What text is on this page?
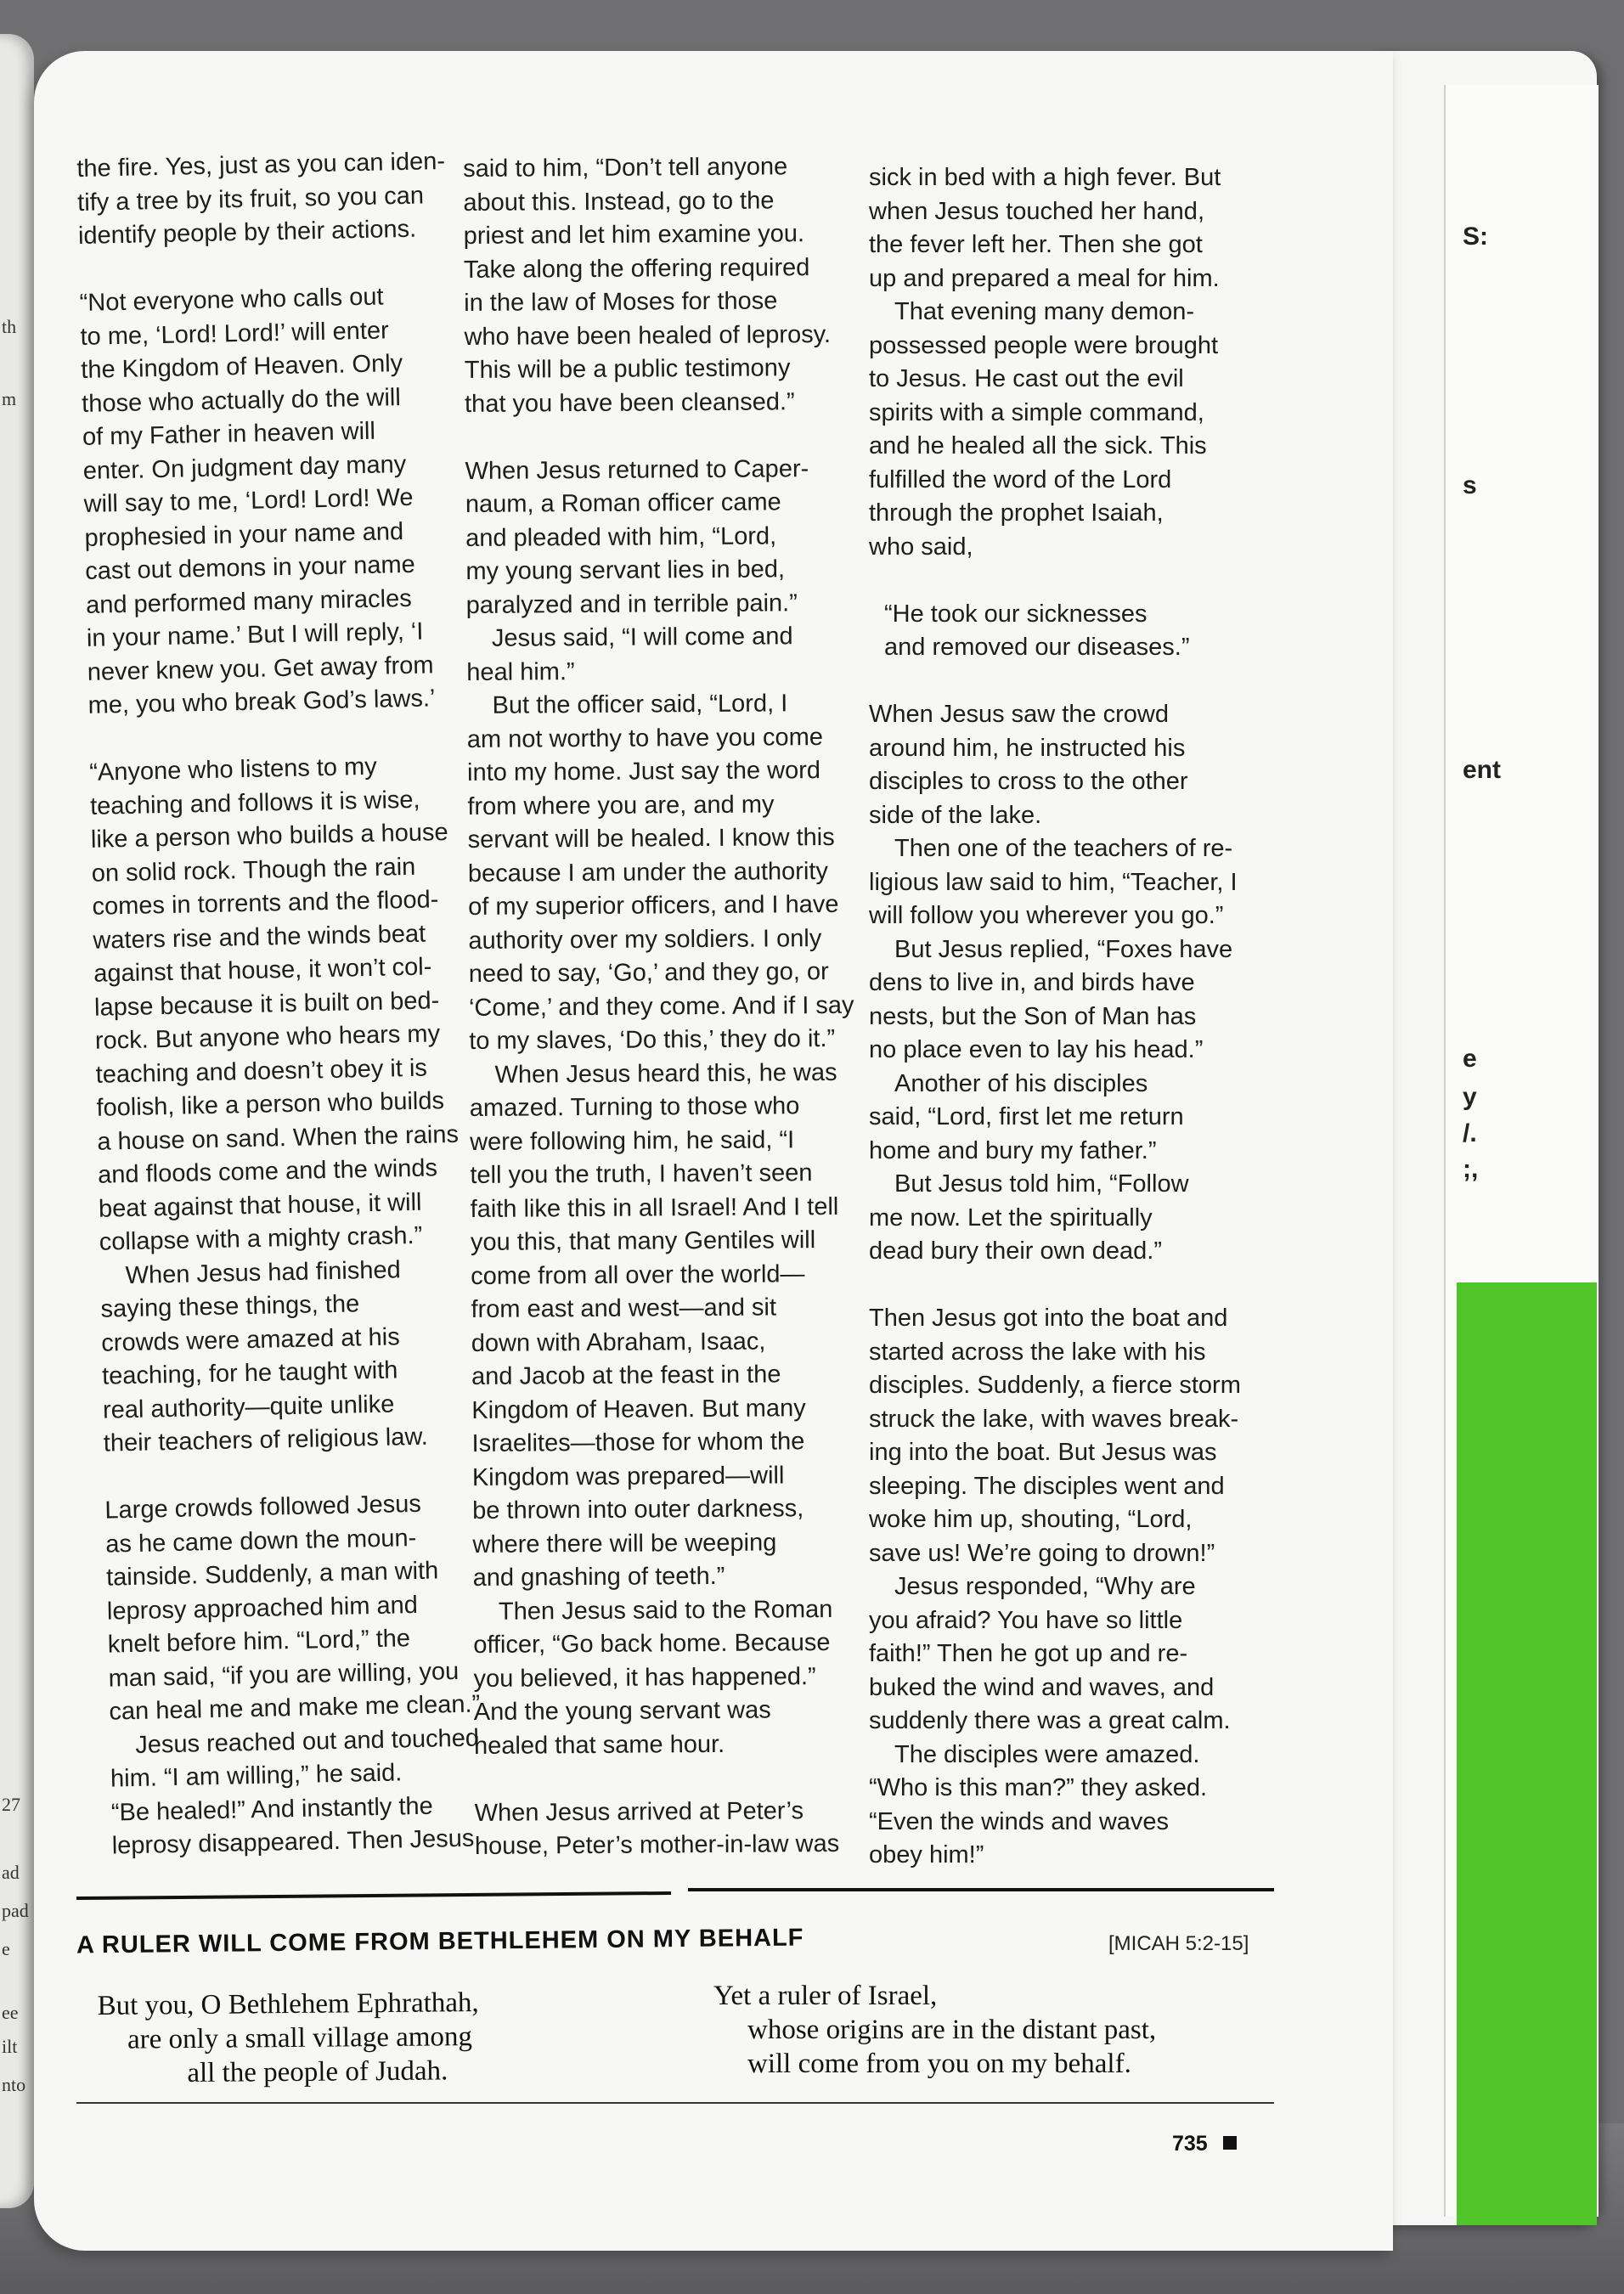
th
m
27
ad
pad
e
ee
ilt
nto
S:
s
ent
e
y
/.
;,

the fire. Yes, just as you can iden-

tify a tree by its fruit, so you can

identify people by their actions.

“Not everyone who calls out

to me, ‘Lord! Lord!’ will enter

the Kingdom of Heaven. Only

those who actually do the will

of my Father in heaven will

enter. On judgment day many

will say to me, ‘Lord! Lord! We

prophesied in your name and

cast out demons in your name

and performed many miracles

in your name.’ But I will reply, ‘I

never knew you. Get away from

me, you who break God’s laws.’

“Anyone who listens to my

teaching and follows it is wise,

like a person who builds a house

on solid rock. Though the rain

comes in torrents and the flood-

waters rise and the winds beat

against that house, it won’t col-

lapse because it is built on bed-

rock. But anyone who hears my

teaching and doesn’t obey it is

foolish, like a person who builds

a house on sand. When the rains

and floods come and the winds

beat against that house, it will

collapse with a mighty crash.”

When Jesus had finished

saying these things, the

crowds were amazed at his

teaching, for he taught with

real authority—quite unlike

their teachers of religious law.

Large crowds followed Jesus

as he came down the moun-

tainside. Suddenly, a man with

leprosy approached him and

knelt before him. “Lord,” the

man said, “if you are willing, you

can heal me and make me clean.”

Jesus reached out and touched

him. “I am willing,” he said.

“Be healed!” And instantly the

leprosy disappeared. Then Jesus

said to him, “Don’t tell anyone

about this. Instead, go to the

priest and let him examine you.

Take along the offering required

in the law of Moses for those

who have been healed of leprosy.

This will be a public testimony

that you have been cleansed.”

When Jesus returned to Caper-

naum, a Roman officer came

and pleaded with him, “Lord,

my young servant lies in bed,

paralyzed and in terrible pain.”

Jesus said, “I will come and

heal him.”

But the officer said, “Lord, I

am not worthy to have you come

into my home. Just say the word

from where you are, and my

servant will be healed. I know this

because I am under the authority

of my superior officers, and I have

authority over my soldiers. I only

need to say, ‘Go,’ and they go, or

‘Come,’ and they come. And if I say

to my slaves, ‘Do this,’ they do it.”

When Jesus heard this, he was

amazed. Turning to those who

were following him, he said, “I

tell you the truth, I haven’t seen

faith like this in all Israel! And I tell

you this, that many Gentiles will

come from all over the world—

from east and west—and sit

down with Abraham, Isaac,

and Jacob at the feast in the

Kingdom of Heaven. But many

Israelites—those for whom the

Kingdom was prepared—will

be thrown into outer darkness,

where there will be weeping

and gnashing of teeth.”

Then Jesus said to the Roman

officer, “Go back home. Because

you believed, it has happened.”

And the young servant was

healed that same hour.

When Jesus arrived at Peter’s

house, Peter’s mother-in-law was

sick in bed with a high fever. But

when Jesus touched her hand,

the fever left her. Then she got

up and prepared a meal for him.

That evening many demon-

possessed people were brought

to Jesus. He cast out the evil

spirits with a simple command,

and he healed all the sick. This

fulfilled the word of the Lord

through the prophet Isaiah,

who said,

“He took our sicknesses

and removed our diseases.”

When Jesus saw the crowd

around him, he instructed his

disciples to cross to the other

side of the lake.

Then one of the teachers of re-

ligious law said to him, “Teacher, I

will follow you wherever you go.”

But Jesus replied, “Foxes have

dens to live in, and birds have

nests, but the Son of Man has

no place even to lay his head.”

Another of his disciples

said, “Lord, first let me return

home and bury my father.”

But Jesus told him, “Follow

me now. Let the spiritually

dead bury their own dead.”

Then Jesus got into the boat and

started across the lake with his

disciples. Suddenly, a fierce storm

struck the lake, with waves break-

ing into the boat. But Jesus was

sleeping. The disciples went and

woke him up, shouting, “Lord,

save us! We’re going to drown!”

Jesus responded, “Why are

you afraid? You have so little

faith!” Then he got up and re-

buked the wind and waves, and

suddenly there was a great calm.

The disciples were amazed.

“Who is this man?” they asked.

“Even the winds and waves

obey him!”

A RULER WILL COME FROM BETHLEHEM ON MY BEHALF	[MICAH 5:2-15]

But you, O Bethlehem Ephrathah,

are only a small village among

all the people of Judah.

Yet a ruler of Israel,

whose origins are in the distant past,

will come from you on my behalf.

735
